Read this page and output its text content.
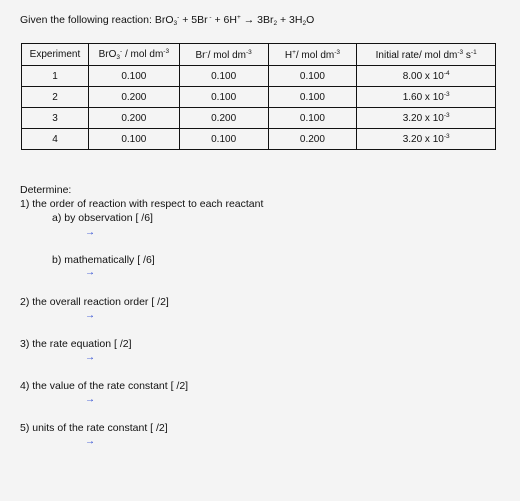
Given the following reaction: BrO$_3$- + 5Br $^- + 6H^+ \to 3Br_2 + 3H_2O$
Experiment	BrO$_3$- / mol $dm^{-3}$	Br-/ mol $dm^{-3}$	H+/ mol $dm^{-3}$	Initial rate/ mol $dm^{-3}$ $s^{-1}$
1	0.100	0.100	0.100	8.00 x $10^{-4}$
2	0.200	0.100	0.100	1.60 x $10^{-3}$
3	0.200	0.200	0.100	3.20 x $10^{-3}$
4	0.100	0.100	0.200	3.20 x $10^{-3}$
Determine:
1) the order of reaction with respect to each reactant
a) by observation [ /6]
→
b) mathematically [ /6]
→
2) the overall reaction order [ /2]
→
3) the rate equation [ /2]
→
4) the value of the rate constant [ /2]
→
5) units of the rate constant [ /2]
→
